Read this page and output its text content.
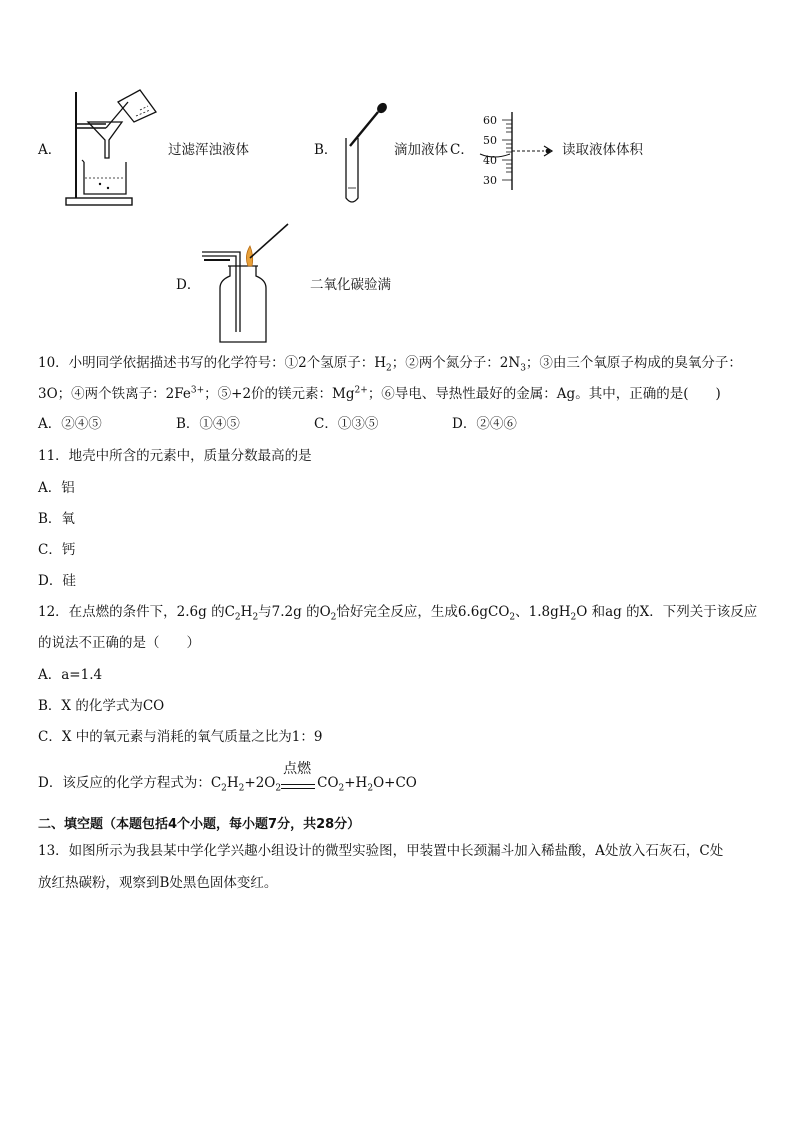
A．	过滤浑浊液体	B．	滴加液体 C．
60
50
40
30
读取液体体积
D．	二氧化碳验满
10．小明同学依据描述书写的化学符号：①2个氢原子：$H_2$；②两个氮分子：$2N_3$；③由三个氧原子构成的臭氧分子：
3O；④两个铁离子：$2Fe^{3+}$；⑤+2价的镁元素：$Mg^{2+}$；⑥导电、导热性最好的金属：Ag。其中，正确的是(　　)
A．②④⑤	B．①④⑤	C．①③⑤	D．②④⑥
11．地壳中所含的元素中，质量分数最高的是
A．铝
B．氧
C．钙
D．硅
12．在点燃的条件下，2.6g 的$C_2H_2$与7.2g 的$O_2$恰好完全反应，生成6.6gCO$_2$、$1.8gH_2O$ 和ag 的X．下列关于该反应
的说法不正确的是（　　）
A．a=1.4
B．X 的化学式为CO
C．X 中的氧元素与消耗的氧气质量之比为1：9
D．该反应的化学方程式为：$C_2H_2+2O_2$
点燃
$CO_2+H_2O+CO$
二、填空题（本题包括4个小题，每小题7分，共28分）
13．如图所示为我县某中学化学兴趣小组设计的微型实验图，甲装置中长颈漏斗加入稀盐酸，A处放入石灰石，C处
放红热碳粉，观察到B处黑色固体变红。
